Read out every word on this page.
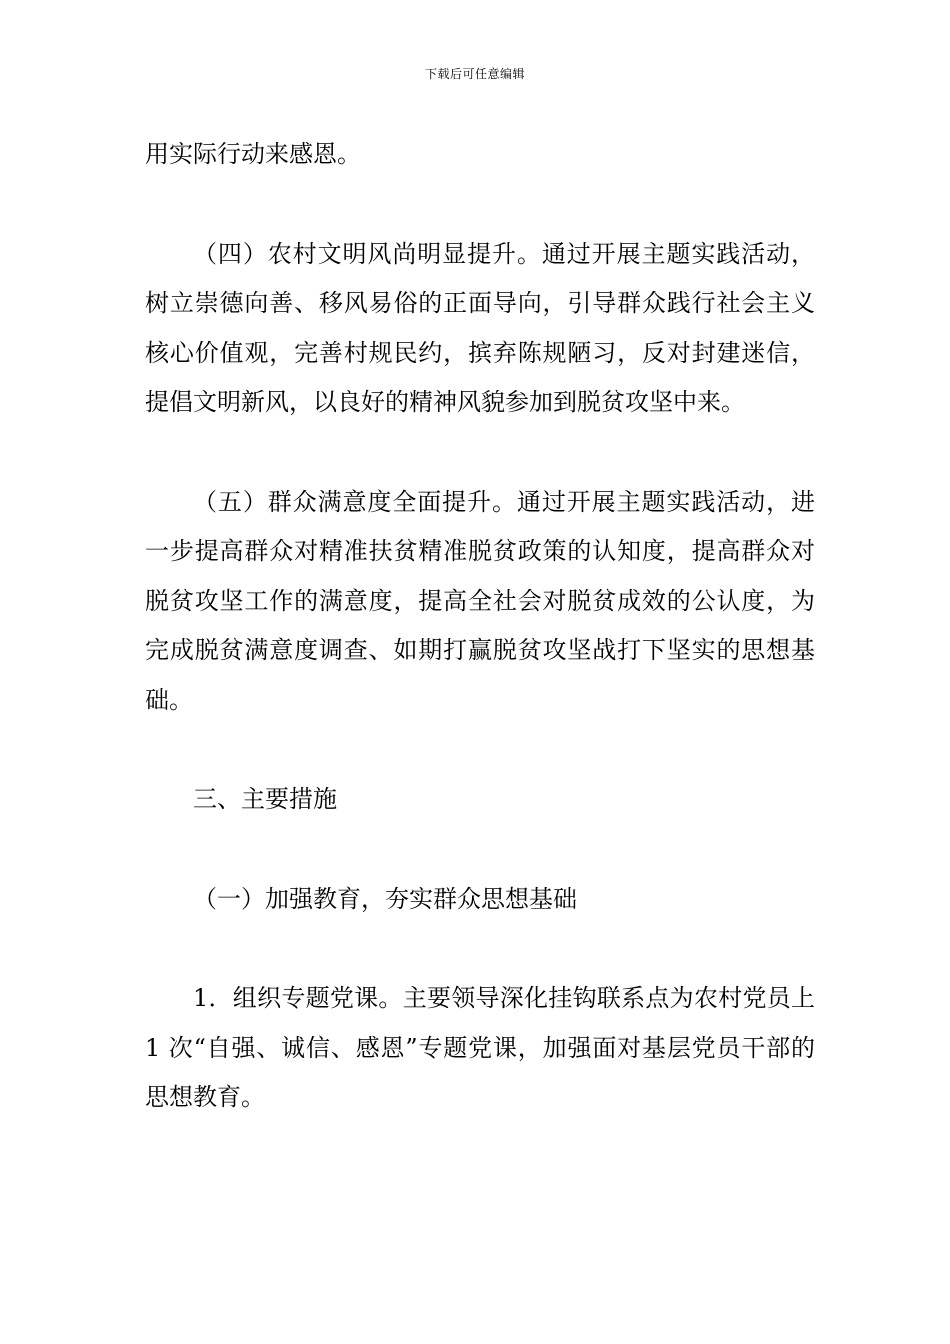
下载后可任意编辑

用实际行动来感恩。

（四）农村文明风尚明显提升。通过开展主题实践活动，树立崇德向善、移风易俗的正面导向，引导群众践行社会主义核心价值观，完善村规民约，摈弃陈规陋习，反对封建迷信，提倡文明新风，以良好的精神风貌参加到脱贫攻坚中来。

（五）群众满意度全面提升。通过开展主题实践活动，进一步提高群众对精准扶贫精准脱贫政策的认知度，提高群众对脱贫攻坚工作的满意度，提高全社会对脱贫成效的公认度，为完成脱贫满意度调查、如期打赢脱贫攻坚战打下坚实的思想基础。

三、主要措施

（一）加强教育，夯实群众思想基础

1．组织专题党课。主要领导深化挂钩联系点为农村党员上 1 次“自强、诚信、感恩”专题党课，加强面对基层党员干部的思想教育。
